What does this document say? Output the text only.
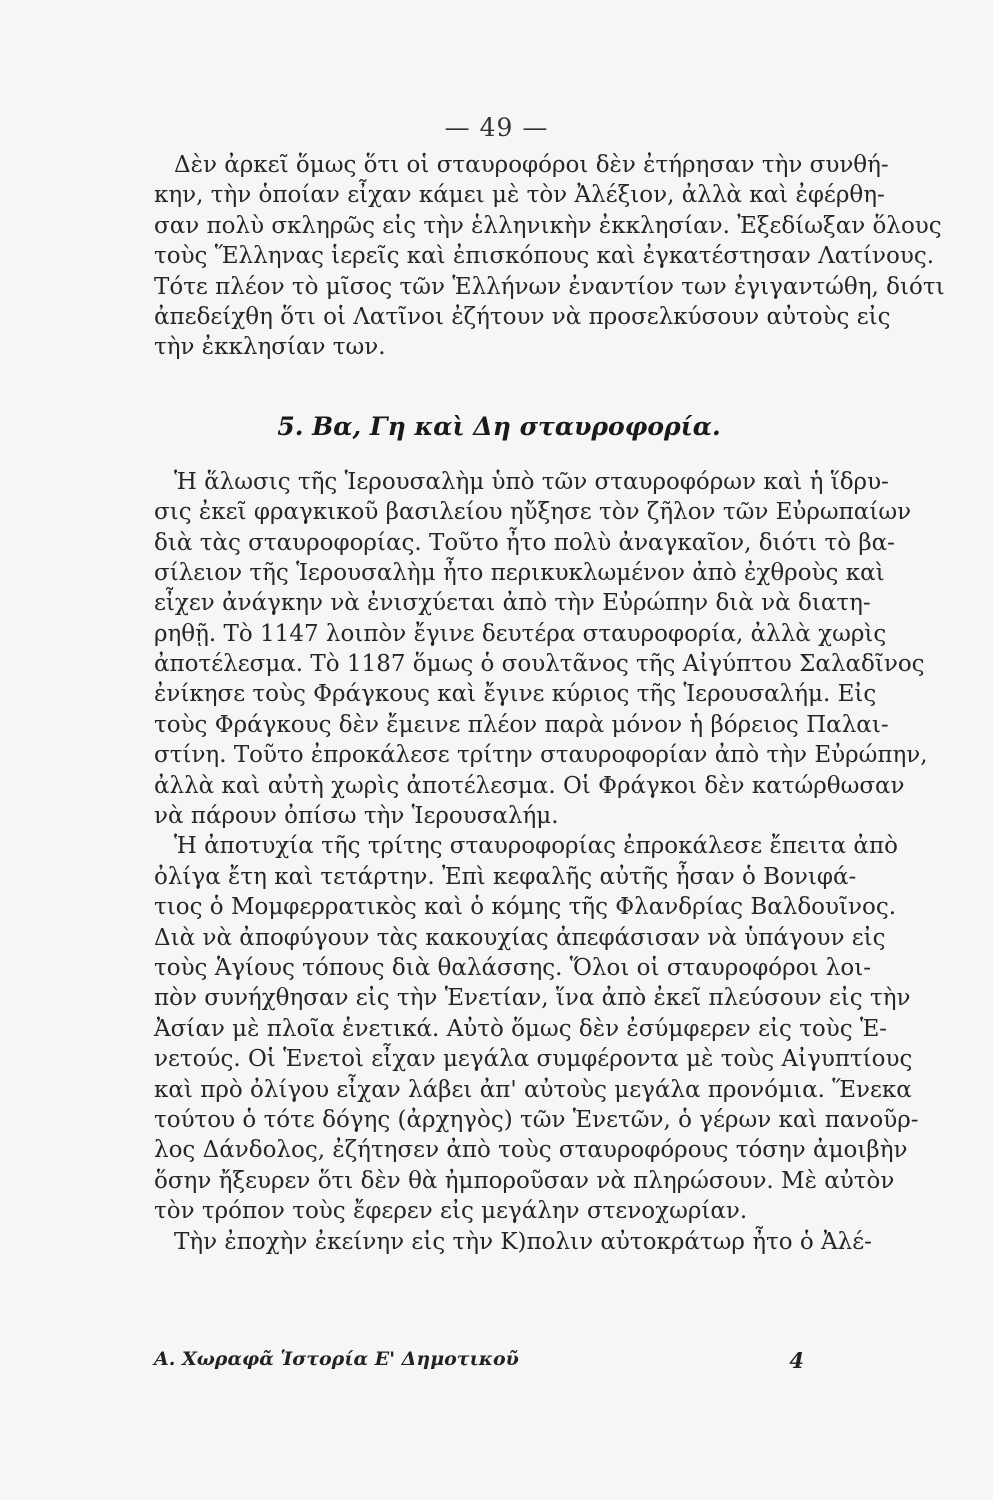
— 49 —
Δὲν ἀρκεῖ ὅμως ὅτι οἱ σταυροφόροι δὲν ἐτήρησαν τὴν συνθή-
κην, τὴν ὁποίαν εἶχαν κάμει μὲ τὸν Ἀλέξιον, ἀλλὰ καὶ ἐφέρθη-
σαν πολὺ σκληρῶς εἰς τὴν ἑλληνικὴν ἐκκλησίαν. Ἐξεδίωξαν ὅλους
τοὺς Ἕλληνας ἱερεῖς καὶ ἐπισκόπους καὶ ἐγκατέστησαν Λατίνους.
Τότε πλέον τὸ μῖσος τῶν Ἑλλήνων ἐναντίον των ἐγιγαντώθη, διότι
ἀπεδείχθη ὅτι οἱ Λατῖνοι ἐζήτουν νὰ προσελκύσουν αὐτοὺς εἰς
τὴν ἐκκλησίαν των.
5. Βα, Γη καὶ Δη σταυροφορία.
Ἡ ἅλωσις τῆς Ἱερουσαλὴμ ὑπὸ τῶν σταυροφόρων καὶ ἡ ἵδρυ-
σις ἐκεῖ φραγκικοῦ βασιλείου ηὔξησε τὸν ζῆλον τῶν Εὐρωπαίων
διὰ τὰς σταυροφορίας. Τοῦτο ἦτο πολὺ ἀναγκαῖον, διότι τὸ βα-
σίλειον τῆς Ἱερουσαλὴμ ἦτο περικυκλωμένον ἀπὸ ἐχθροὺς καὶ
εἶχεν ἀνάγκην νὰ ἐνισχύεται ἀπὸ τὴν Εὐρώπην διὰ νὰ διατη-
ρηθῇ. Τὸ 1147 λοιπὸν ἔγινε δευτέρα σταυροφορία, ἀλλὰ χωρὶς
ἀποτέλεσμα. Τὸ 1187 ὅμως ὁ σουλτᾶνος τῆς Αἰγύπτου Σαλαδῖνος
ἐνίκησε τοὺς Φράγκους καὶ ἔγινε κύριος τῆς Ἱερουσαλήμ. Εἰς
τοὺς Φράγκους δὲν ἔμεινε πλέον παρὰ μόνον ἡ βόρειος Παλαι-
στίνη. Τοῦτο ἐπροκάλεσε τρίτην σταυροφορίαν ἀπὸ τὴν Εὐρώπην,
ἀλλὰ καὶ αὐτὴ χωρὶς ἀποτέλεσμα. Οἱ Φράγκοι δὲν κατώρθωσαν
νὰ πάρουν ὀπίσω τὴν Ἱερουσαλήμ.
Ἡ ἀποτυχία τῆς τρίτης σταυροφορίας ἐπροκάλεσε ἔπειτα ἀπὸ
ὀλίγα ἔτη καὶ τετάρτην. Ἐπὶ κεφαλῆς αὐτῆς ἦσαν ὁ Βονιφά-
τιος ὁ Μομφερρατικὸς καὶ ὁ κόμης τῆς Φλανδρίας Βαλδουῖνος.
Διὰ νὰ ἀποφύγουν τὰς κακουχίας ἀπεφάσισαν νὰ ὑπάγουν εἰς
τοὺς Ἁγίους τόπους διὰ θαλάσσης. Ὅλοι οἱ σταυροφόροι λοι-
πὸν συνήχθησαν εἰς τὴν Ἑνετίαν, ἵνα ἀπὸ ἐκεῖ πλεύσουν εἰς τὴν
Ἀσίαν μὲ πλοῖα ἑνετικά. Αὐτὸ ὅμως δὲν ἐσύμφερεν εἰς τοὺς Ἑ-
νετούς. Οἱ Ἑνετοὶ εἶχαν μεγάλα συμφέροντα μὲ τοὺς Αἰγυπτίους
καὶ πρὸ ὀλίγου εἶχαν λάβει ἀπ' αὐτοὺς μεγάλα προνόμια. Ἕνεκα
τούτου ὁ τότε δόγης (ἀρχηγὸς) τῶν Ἑνετῶν, ὁ γέρων καὶ πανοῦρ-
λος Δάνδολος, ἐζήτησεν ἀπὸ τοὺς σταυροφόρους τόσην ἀμοιβὴν
ὅσην ἤξευρεν ὅτι δὲν θὰ ἠμποροῦσαν νὰ πληρώσουν. Μὲ αὐτὸν
τὸν τρόπον τοὺς ἔφερεν εἰς μεγάλην στενοχωρίαν.
Τὴν ἐποχὴν ἐκείνην εἰς τὴν Κ)πολιν αὐτοκράτωρ ἦτο ὁ Ἀλέ-
Α. Χωραφᾶ Ἱστορία Ε' Δημοτικοῦ	4
